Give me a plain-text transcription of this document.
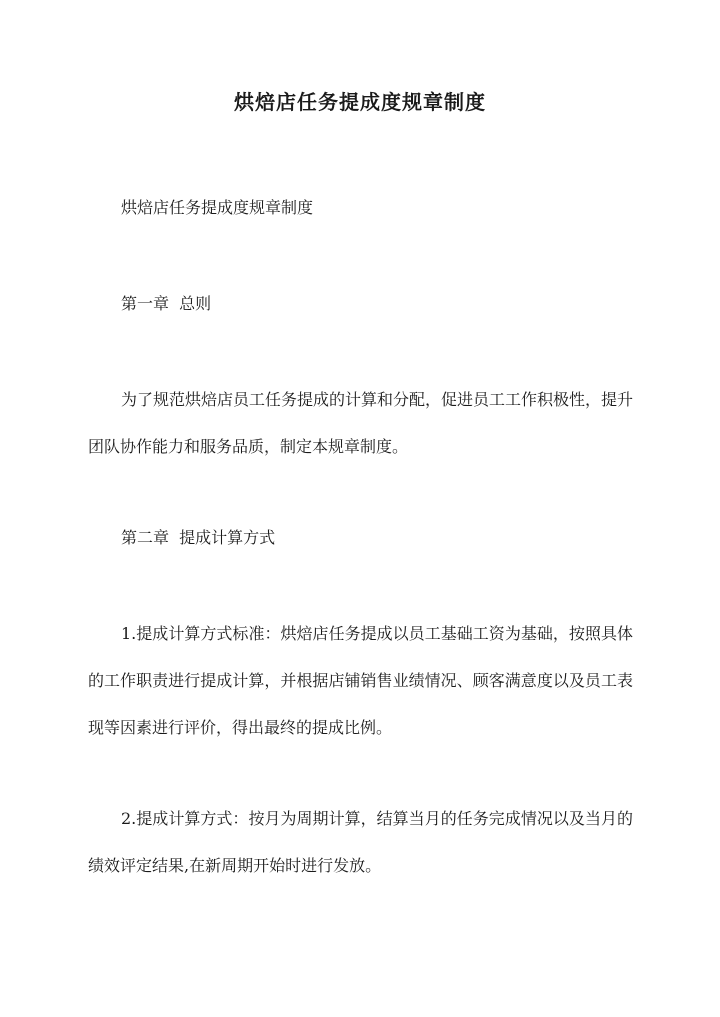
烘焙店任务提成度规章制度

烘焙店任务提成度规章制度

第一章  总则

为了规范烘焙店员工任务提成的计算和分配，促进员工工作积极性，提升团队协作能力和服务品质，制定本规章制度。

第二章  提成计算方式

1.提成计算方式标准：烘焙店任务提成以员工基础工资为基础，按照具体的工作职责进行提成计算，并根据店铺销售业绩情况、顾客满意度以及员工表现等因素进行评价，得出最终的提成比例。

2.提成计算方式：按月为周期计算，结算当月的任务完成情况以及当月的绩效评定结果,在新周期开始时进行发放。
